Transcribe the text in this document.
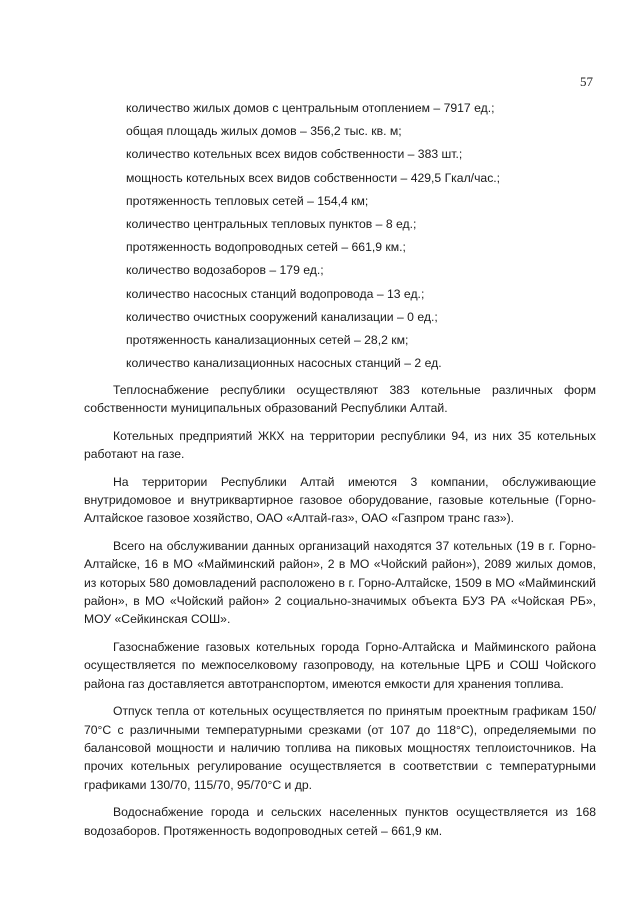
57
количество жилых домов с центральным отоплением – 7917 ед.;
общая площадь жилых домов – 356,2 тыс. кв. м;
количество котельных всех видов собственности – 383 шт.;
мощность котельных всех видов собственности – 429,5 Гкал/час.;
протяженность тепловых сетей – 154,4 км;
количество центральных тепловых пунктов – 8 ед.;
протяженность водопроводных сетей – 661,9 км.;
количество водозаборов – 179 ед.;
количество насосных станций водопровода – 13 ед.;
количество очистных сооружений канализации – 0 ед.;
протяженность канализационных сетей – 28,2 км;
количество канализационных насосных станций – 2 ед.

Теплоснабжение республики осуществляют 383 котельные различных форм собственности муниципальных образований Республики Алтай.

Котельных предприятий ЖКХ на территории республики 94, из них 35 котельных работают на газе.

На территории Республики Алтай имеются 3 компании, обслуживающие внутридомовое и внутриквартирное газовое оборудование, газовые котельные (Горно-Алтайское газовое хозяйство, ОАО «Алтай-газ», ОАО «Газпром транс газ»).

Всего на обслуживании данных организаций находятся 37 котельных (19 в г. Горно-Алтайске, 16 в МО «Майминский район», 2 в МО «Чойский район»), 2089 жилых домов, из которых 580 домовладений расположено в г. Горно-Алтайске, 1509 в МО «Майминский район», в МО «Чойский район» 2 социально-значимых объекта БУЗ РА «Чойская РБ», МОУ «Сейкинская СОШ».

Газоснабжение газовых котельных города Горно-Алтайска и Майминского района осуществляется по межпоселковому газопроводу, на котельные ЦРБ и СОШ Чойского района газ доставляется автотранспортом, имеются емкости для хранения топлива.

Отпуск тепла от котельных осуществляется по принятым проектным графикам 150/ 70°С с различными температурными срезками (от 107 до 118°С), определяемыми по балансовой мощности и наличию топлива на пиковых мощностях теплоисточников. На прочих котельных регулирование осуществляется в соответствии с температурными графиками 130/70, 115/70, 95/70°С и др.

Водоснабжение города и сельских населенных пунктов осуществляется из 168 водозаборов. Протяженность водопроводных сетей – 661,9 км.
